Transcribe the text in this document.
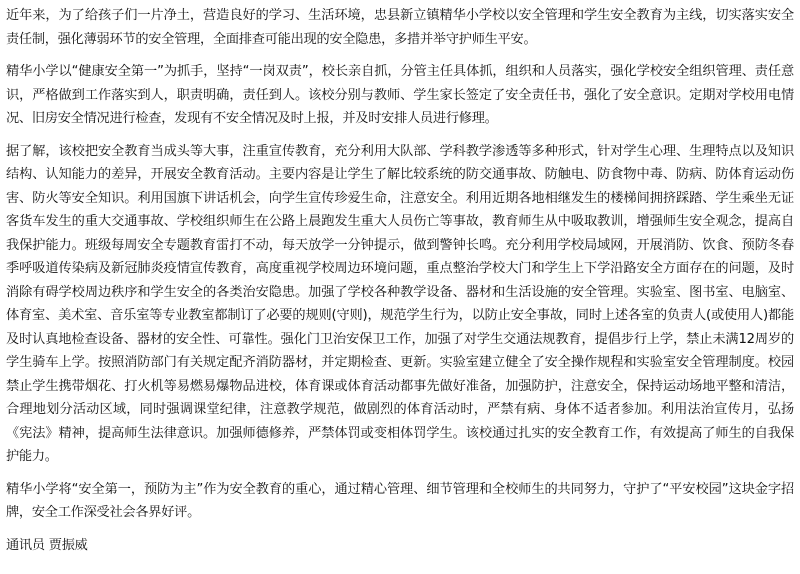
近年来，为了给孩子们一片净土，营造良好的学习、生活环境，忠县新立镇精华小学校以安全管理和学生安全教育为主线，切实落实安全责任制，强化薄弱环节的安全管理，全面排查可能出现的安全隐患，多措并举守护师生平安。

精华小学以“健康安全第一”为抓手，坚持“一岗双责”，校长亲自抓，分管主任具体抓，组织和人员落实，强化学校安全组织管理、责任意识，严格做到工作落实到人，职责明确，责任到人。该校分别与教师、学生家长签定了安全责任书，强化了安全意识。定期对学校用电情况、旧房安全情况进行检查，发现有不安全情况及时上报，并及时安排人员进行修理。

据了解，该校把安全教育当成头等大事，注重宣传教育，充分利用大队部、学科教学渗透等多种形式，针对学生心理、生理特点以及知识结构、认知能力的差异，开展安全教育活动。主要内容是让学生了解比较系统的防交通事故、防触电、防食物中毒、防病、防体育运动伤害、防火等安全知识。利用国旗下讲话机会，向学生宣传珍爱生命，注意安全。利用近期各地相继发生的楼梯间拥挤踩踏、学生乘坐无证客货车发生的重大交通事故、学校组织师生在公路上晨跑发生重大人员伤亡等事故，教育师生从中吸取教训，增强师生安全观念，提高自我保护能力。班级每周安全专题教育雷打不动，每天放学一分钟提示，做到警钟长鸣。充分利用学校局域网，开展消防、饮食、预防冬春季呼吸道传染病及新冠肺炎疫情宣传教育，高度重视学校周边环境问题，重点整治学校大门和学生上下学沿路安全方面存在的问题，及时消除有碍学校周边秩序和学生安全的各类治安隐患。加强了学校各种教学设备、器材和生活设施的安全管理。实验室、图书室、电脑室、体育室、美术室、音乐室等专业教室都制订了必要的规则(守则)，规范学生行为，以防止安全事故，同时上述各室的负责人(或使用人)都能及时认真地检查设备、器材的安全性、可靠性。强化门卫治安保卫工作，加强了对学生交通法规教育，提倡步行上学，禁止未满12周岁的学生骑车上学。按照消防部门有关规定配齐消防器材，并定期检查、更新。实验室建立健全了安全操作规程和实验室安全管理制度。校园禁止学生携带烟花、打火机等易燃易爆物品进校，体育课或体育活动都事先做好准备，加强防护，注意安全，保持运动场地平整和清洁，合理地划分活动区域，同时强调课堂纪律，注意教学规范，做剧烈的体育活动时，严禁有病、身体不适者参加。利用法治宣传月，弘扬《宪法》精神，提高师生法律意识。加强师德修养，严禁体罚或变相体罚学生。该校通过扎实的安全教育工作，有效提高了师生的自我保护能力。

精华小学将“安全第一，预防为主”作为安全教育的重心，通过精心管理、细节管理和全校师生的共同努力，守护了“平安校园”这块金字招牌，安全工作深受社会各界好评。

通讯员 贾振威
